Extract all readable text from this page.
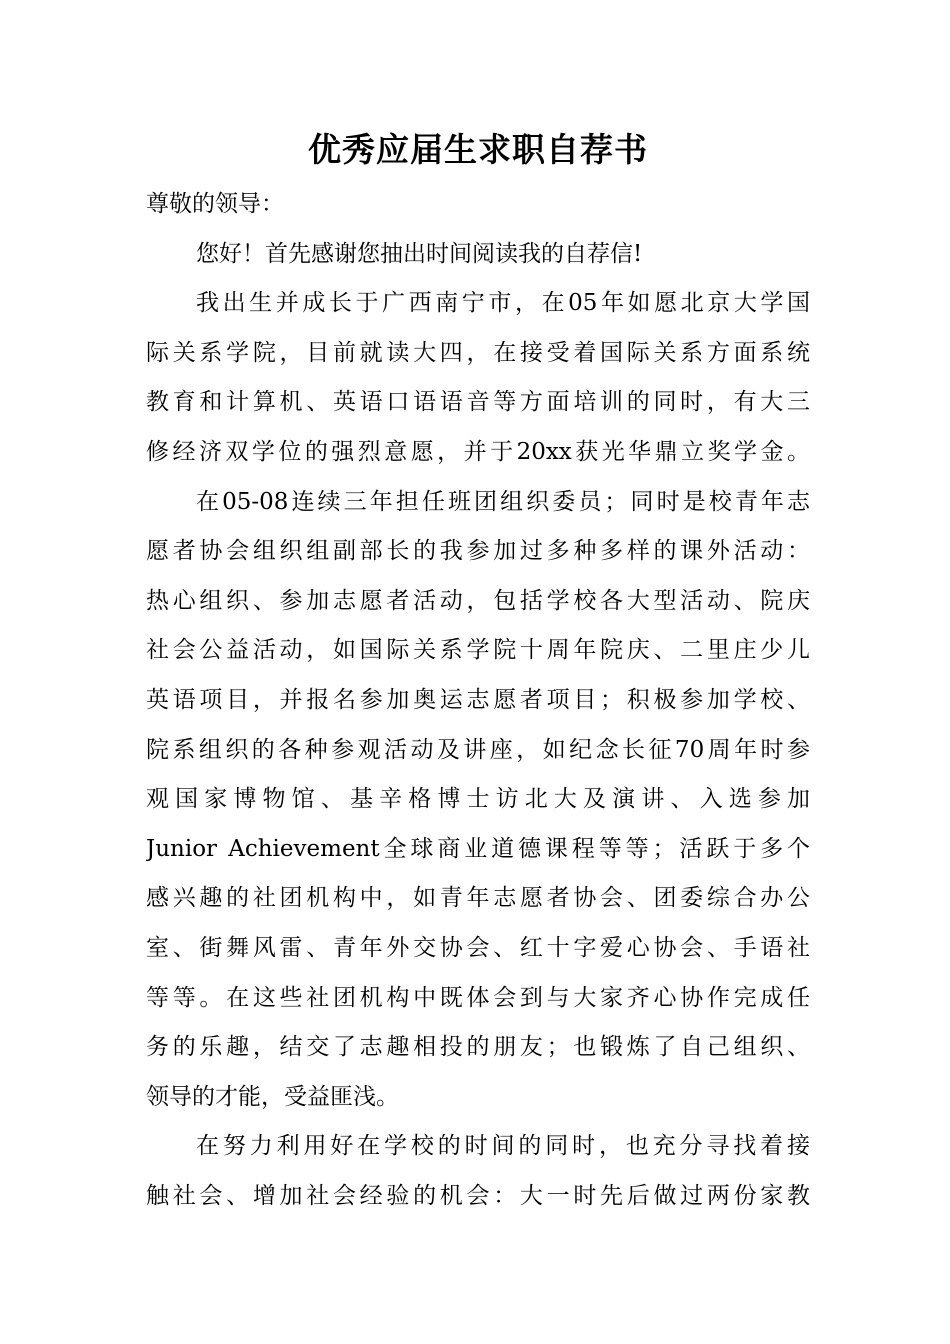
优秀应届生求职自荐书
尊敬的领导：
您好！首先感谢您抽出时间阅读我的自荐信!
我出生并成长于广西南宁市，在05年如愿北京大学国
际关系学院，目前就读大四，在接受着国际关系方面系统
教育和计算机、英语口语语音等方面培训的同时，有大三
修经济双学位的强烈意愿，并于20xx获光华鼎立奖学金。
在05-08连续三年担任班团组织委员；同时是校青年志
愿者协会组织组副部长的我参加过多种多样的课外活动：
热心组织、参加志愿者活动，包括学校各大型活动、院庆
社会公益活动，如国际关系学院十周年院庆、二里庄少儿
英语项目，并报名参加奥运志愿者项目；积极参加学校、
院系组织的各种参观活动及讲座，如纪念长征70周年时参
观国家博物馆、基辛格博士访北大及演讲、入选参加
Junior Achievement全球商业道德课程等等；活跃于多个
感兴趣的社团机构中，如青年志愿者协会、团委综合办公
室、街舞风雷、青年外交协会、红十字爱心协会、手语社
等等。在这些社团机构中既体会到与大家齐心协作完成任
务的乐趣，结交了志趣相投的朋友；也锻炼了自己组织、
领导的才能，受益匪浅。
在努力利用好在学校的时间的同时，也充分寻找着接
触社会、增加社会经验的机会：大一时先后做过两份家教
